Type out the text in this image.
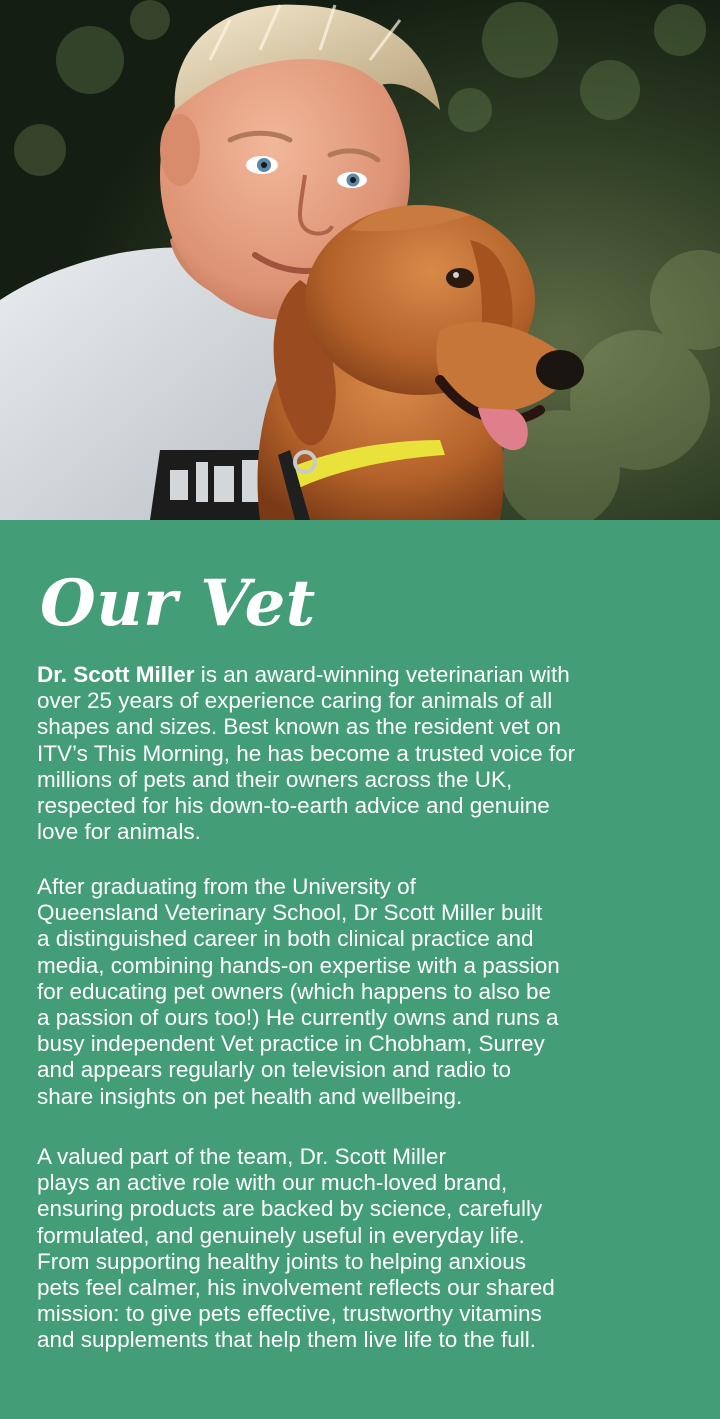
Our Vet

Dr. Scott Miller is an award-winning veterinarian with
over 25 years of experience caring for animals of all
shapes and sizes. Best known as the resident vet on
ITV’s This Morning, he has become a trusted voice for
millions of pets and their owners across the UK,
respected for his down-to-earth advice and genuine
love for animals.

After graduating from the University of
Queensland Veterinary School, Dr Scott Miller built
a distinguished career in both clinical practice and
media, combining hands-on expertise with a passion
for educating pet owners (which happens to also be
a passion of ours too!) He currently owns and runs a
busy independent Vet practice in Chobham, Surrey
and appears regularly on television and radio to
share insights on pet health and wellbeing.

A valued part of the team, Dr. Scott Miller
plays an active role with our much-loved brand,
ensuring products are backed by science, carefully
formulated, and genuinely useful in everyday life.
From supporting healthy joints to helping anxious
pets feel calmer, his involvement reflects our shared
mission: to give pets effective, trustworthy vitamins
and supplements that help them live life to the full.
